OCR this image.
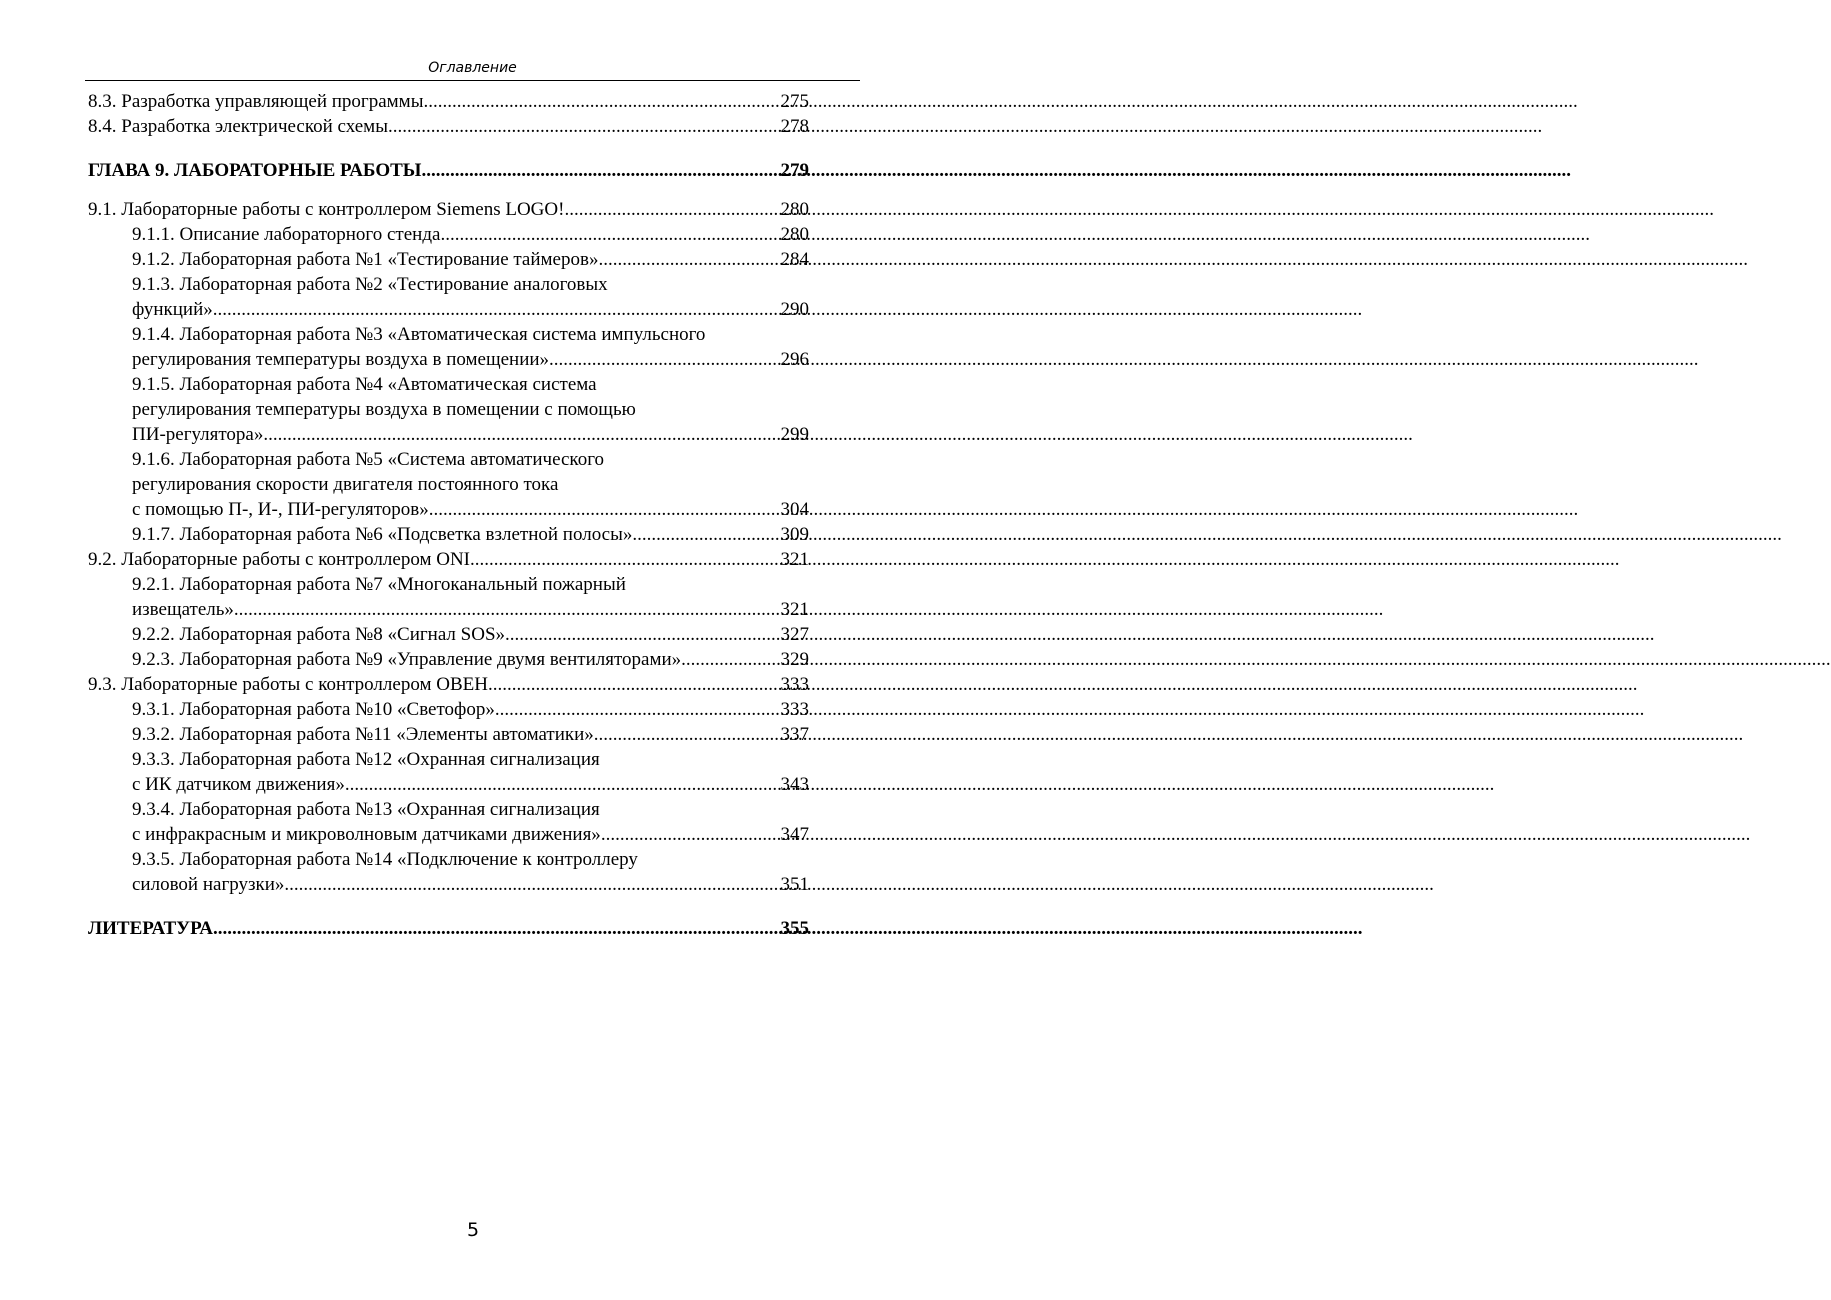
Оглавление
8.3. Разработка управляющей программы. .....	275
8.4. Разработка электрической схемы. .....	278
ГЛАВА 9. ЛАБОРАТОРНЫЕ РАБОТЫ .....	279
9.1. Лабораторные работы с контроллером Siemens LOGO! .....	280
9.1.1. Описание лабораторного стенда .....	280
9.1.2. Лабораторная работа №1 «Тестирование таймеров» .....	284
9.1.3. Лабораторная работа №2 «Тестирование аналоговых
функций» .....	290
9.1.4. Лабораторная работа №3 «Автоматическая система импульсного
регулирования температуры воздуха в помещении» .....	296
9.1.5. Лабораторная работа №4 «Автоматическая система
регулирования температуры воздуха в помещении с помощью
ПИ-регулятора» .....	299
9.1.6. Лабораторная работа №5 «Система автоматического
регулирования скорости двигателя постоянного тока
с помощью П-, И-, ПИ-регуляторов» .....	304
9.1.7. Лабораторная работа №6 «Подсветка взлетной полосы» .....	309
9.2. Лабораторные работы с контроллером ONI .....	321
9.2.1. Лабораторная работа №7 «Многоканальный пожарный
извещатель» .....	321
9.2.2. Лабораторная работа №8 «Сигнал SOS» .....	327
9.2.3. Лабораторная работа №9 «Управление двумя вентиляторами» .....	329
9.3. Лабораторные работы с контроллером ОВЕН .....	333
9.3.1. Лабораторная работа №10 «Светофор» .....	333
9.3.2. Лабораторная работа №11 «Элементы автоматики» .....	337
9.3.3. Лабораторная работа №12 «Охранная сигнализация
с ИК датчиком движения» .....	343
9.3.4. Лабораторная работа №13 «Охранная сигнализация
с инфракрасным и микроволновым датчиками движения» .....	347
9.3.5. Лабораторная работа №14 «Подключение к контроллеру
силовой нагрузки» .....	351
ЛИТЕРАТУРА .....	355
5
